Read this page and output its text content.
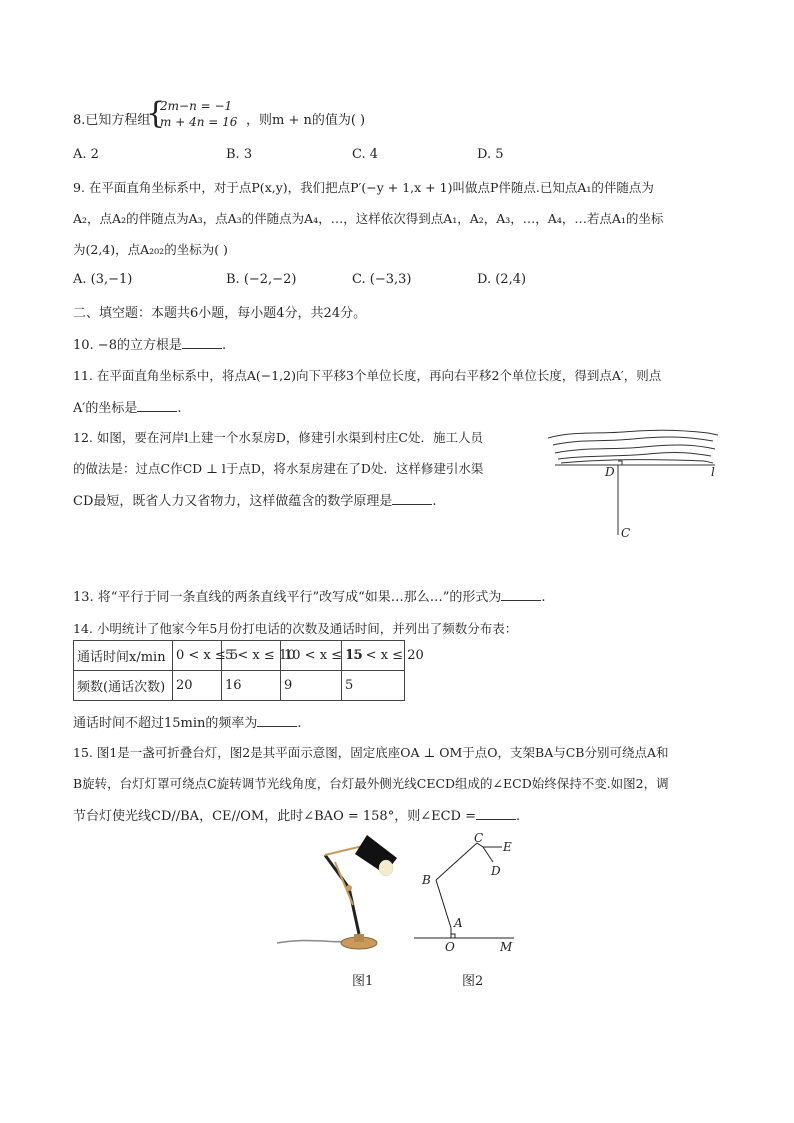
8.已知方程组
{
2m−n = −1
m + 4n = 16 ，则m + n的值为( )
A. 2	B. 3	C. 4	D. 5
9. 在平面直角坐标系中，对于点P(x,y)，我们把点P′(−y + 1,x + 1)叫做点P伴随点.已知点A₁的伴随点为
A₂，点A₂的伴随点为A₃，点A₃的伴随点为A₄，…，这样依次得到点A₁，A₂，A₃，…，A₄，…若点A₁的坐标
为(2,4)，点A₂₀₂的坐标为( )
A. (3,−1)	B. (−2,−2)	C. (−3,3)	D. (2,4)
二、填空题：本题共6小题，每小题4分，共24分。
10. −8的立方根是	.
11. 在平面直角坐标系中，将点A(−1,2)向下平移3个单位长度，再向右平移2个单位长度，得到点A′，则点
A′的坐标是	.
12. 如图，要在河岸l上建一个水泵房D，修建引水渠到村庄C处．施工人员
的做法是：过点C作CD ⊥ l于点D，将水泵房建在了D处．这样修建引水渠
CD最短，既省人力又省物力，这样做蕴含的数学原理是	.
D	l
C
13. 将“平行于同一条直线的两条直线平行”改写成“如果…那么…”的形式为	.
14. 小明统计了他家今年5月份打电话的次数及通话时间，并列出了频数分布表：
通话时间x/min	0 < x ≤ 5	5 < x ≤ 10	10 < x ≤ 15	15 < x ≤ 20

频数(通话次数)	20	16	9	5
通话时间不超过15min的频率为	.
15. 图1是一盏可折叠台灯，图2是其平面示意图，固定底座OA ⊥ OM于点O，支架BA与CB分别可绕点A和
B旋转，台灯灯罩可绕点C旋转调节光线角度，台灯最外侧光线CECD组成的∠ECD始终保持不变.如图2，调
节台灯使光线CD//BA，CE//OM，此时∠BAO = 158°，则∠ECD =	.
C
E
B
D
A
O	M
图1	图2
